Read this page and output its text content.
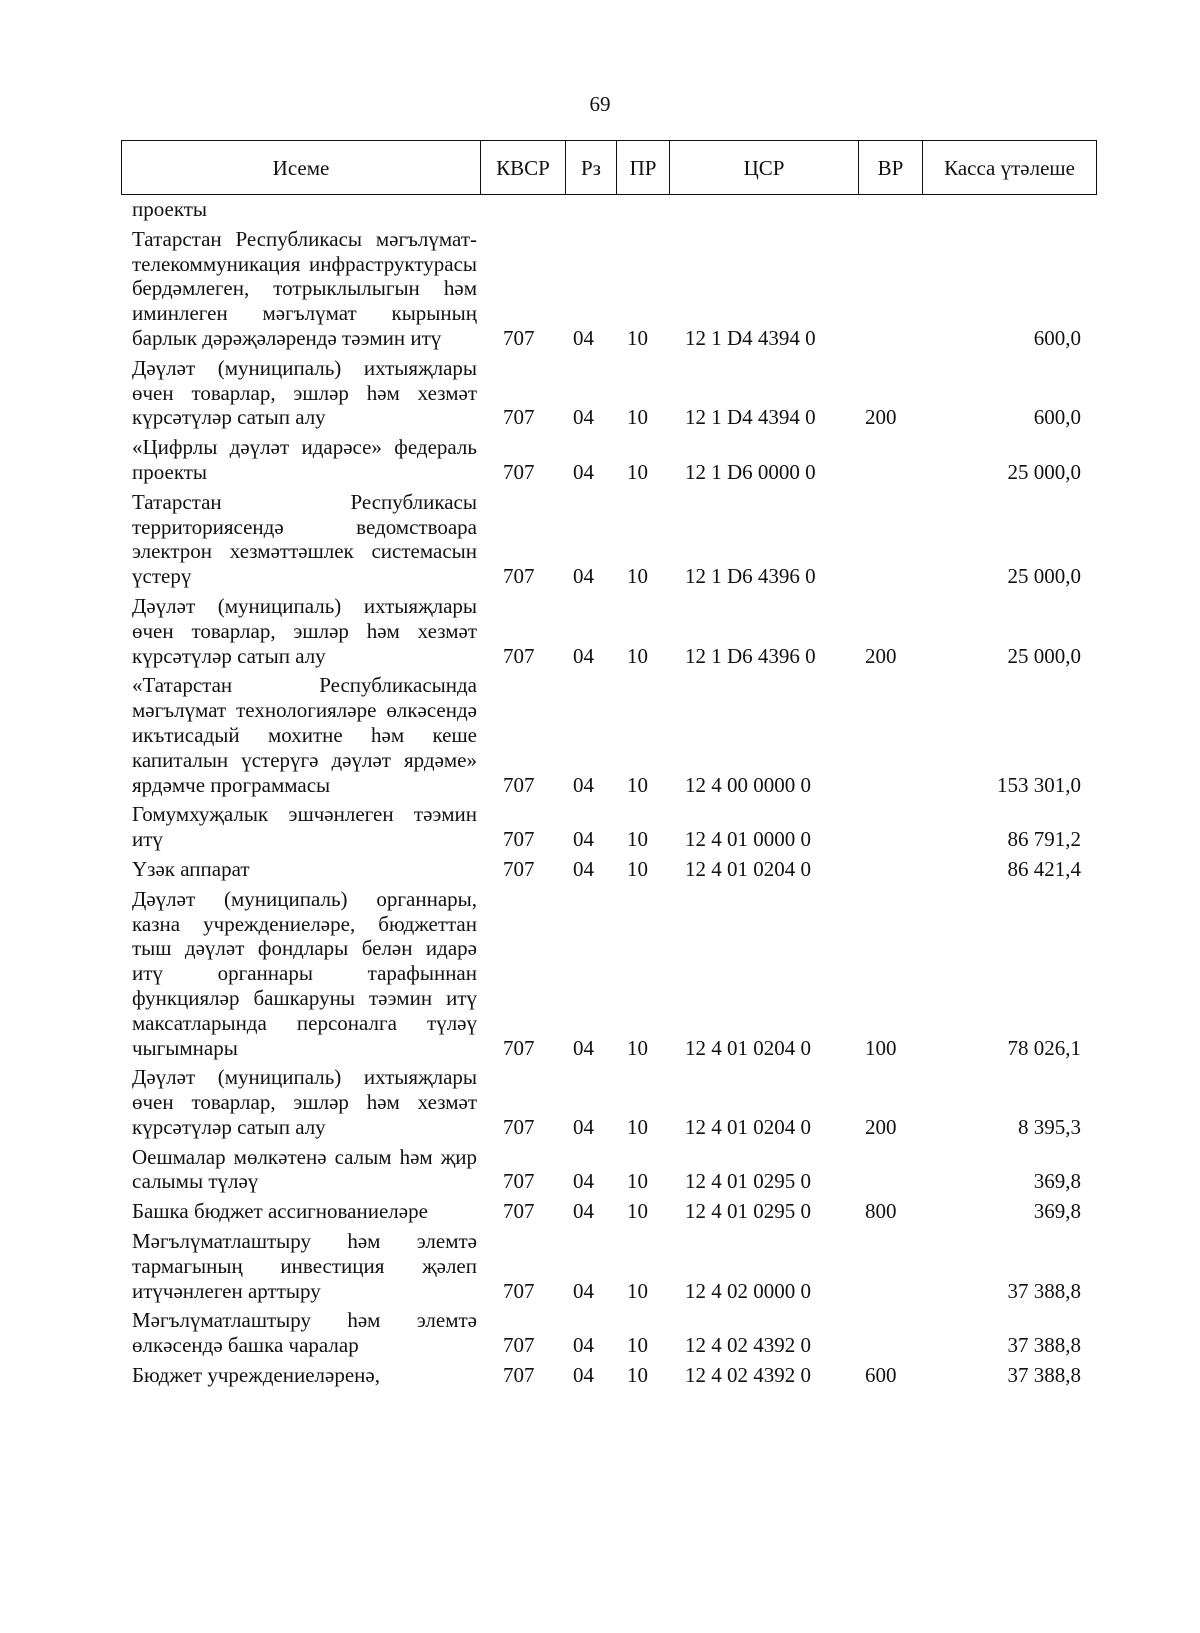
69
Исеме	КВСР	Рз	ПР	ЦСР	ВР	Касса үтәлеше
проекты
Татарстан Республикасы мәгълүмат-телекоммуникация инфраструктурасы бердәмлеген, тотрыклылыгын һәм иминлеген мәгълүмат кырының барлык дәрәҗәләрендә тәэмин итү	707	04	10	12 1 D4 4394 0	600,0
Дәүләт (муниципаль) ихтыяҗлары өчен товарлар, эшләр һәм хезмәт күрсәтүләр сатып алу	707	04	10	12 1 D4 4394 0	200	600,0
«Цифрлы дәүләт идарәсе» федераль проекты	707	04	10	12 1 D6 0000 0	25 000,0
Татарстан Республикасы территориясендә ведомствоара электрон хезмәттәшлек системасын үстерү	707	04	10	12 1 D6 4396 0	25 000,0
Дәүләт (муниципаль) ихтыяҗлары өчен товарлар, эшләр һәм хезмәт күрсәтүләр сатып алу	707	04	10	12 1 D6 4396 0	200	25 000,0
«Татарстан Республикасында мәгълүмат технологияләре өлкәсендә икътисадый мохитне һәм кеше капиталын үстерүгә дәүләт ярдәме» ярдәмче программасы	707	04	10	12 4 00 0000 0	153 301,0
Гомумхуҗалык эшчәнлеген тәэмин итү	707	04	10	12 4 01 0000 0	86 791,2
Үзәк аппарат	707	04	10	12 4 01 0204 0	86 421,4
Дәүләт (муниципаль) органнары, казна учреждениеләре, бюджеттан тыш дәүләт фондлары белән идарә итү органнары тарафыннан функцияләр башкаруны тәэмин итү максатларында персоналга түләү чыгымнары	707	04	10	12 4 01 0204 0	100	78 026,1
Дәүләт (муниципаль) ихтыяҗлары өчен товарлар, эшләр һәм хезмәт күрсәтүләр сатып алу	707	04	10	12 4 01 0204 0	200	8 395,3
Оешмалар мөлкәтенә салым һәм җир салымы түләү	707	04	10	12 4 01 0295 0	369,8
Башка бюджет ассигнованиеләре	707	04	10	12 4 01 0295 0	800	369,8
Мәгълүматлаштыру һәм элемтә тармагының инвестиция җәлеп итүчәнлеген арттыру	707	04	10	12 4 02 0000 0	37 388,8
Мәгълүматлаштыру һәм элемтә өлкәсендә башка чаралар	707	04	10	12 4 02 4392 0	37 388,8
Бюджет учреждениеләренә,	707	04	10	12 4 02 4392 0	600	37 388,8
